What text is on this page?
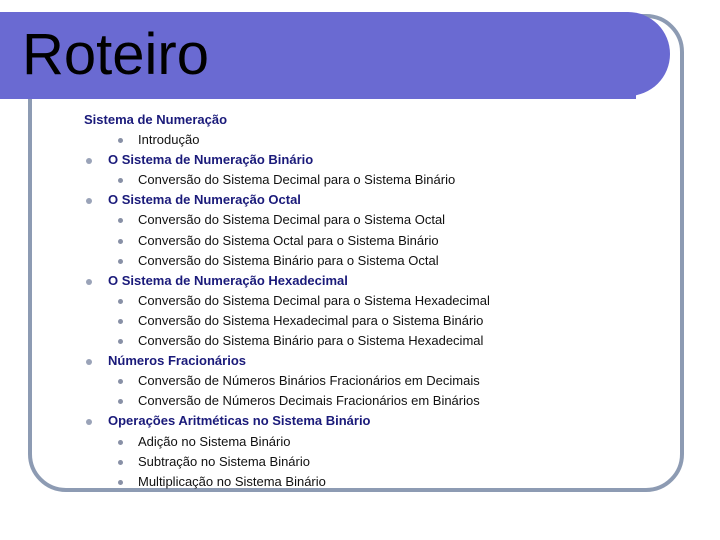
Roteiro
Sistema de Numeração
Introdução
O Sistema de Numeração Binário
Conversão do Sistema Decimal para o Sistema Binário
O Sistema de Numeração Octal
Conversão do Sistema Decimal para o Sistema Octal
Conversão do Sistema Octal para o Sistema Binário
Conversão do Sistema Binário para o Sistema Octal
O Sistema de Numeração Hexadecimal
Conversão do Sistema Decimal para o Sistema Hexadecimal
Conversão do Sistema Hexadecimal para o Sistema Binário
Conversão do Sistema Binário para o Sistema Hexadecimal
Números Fracionários
Conversão de Números Binários Fracionários em Decimais
Conversão de Números Decimais Fracionários em Binários
Operações Aritméticas no Sistema Binário
Adição no Sistema Binário
Subtração no Sistema Binário
Multiplicação no Sistema Binário
